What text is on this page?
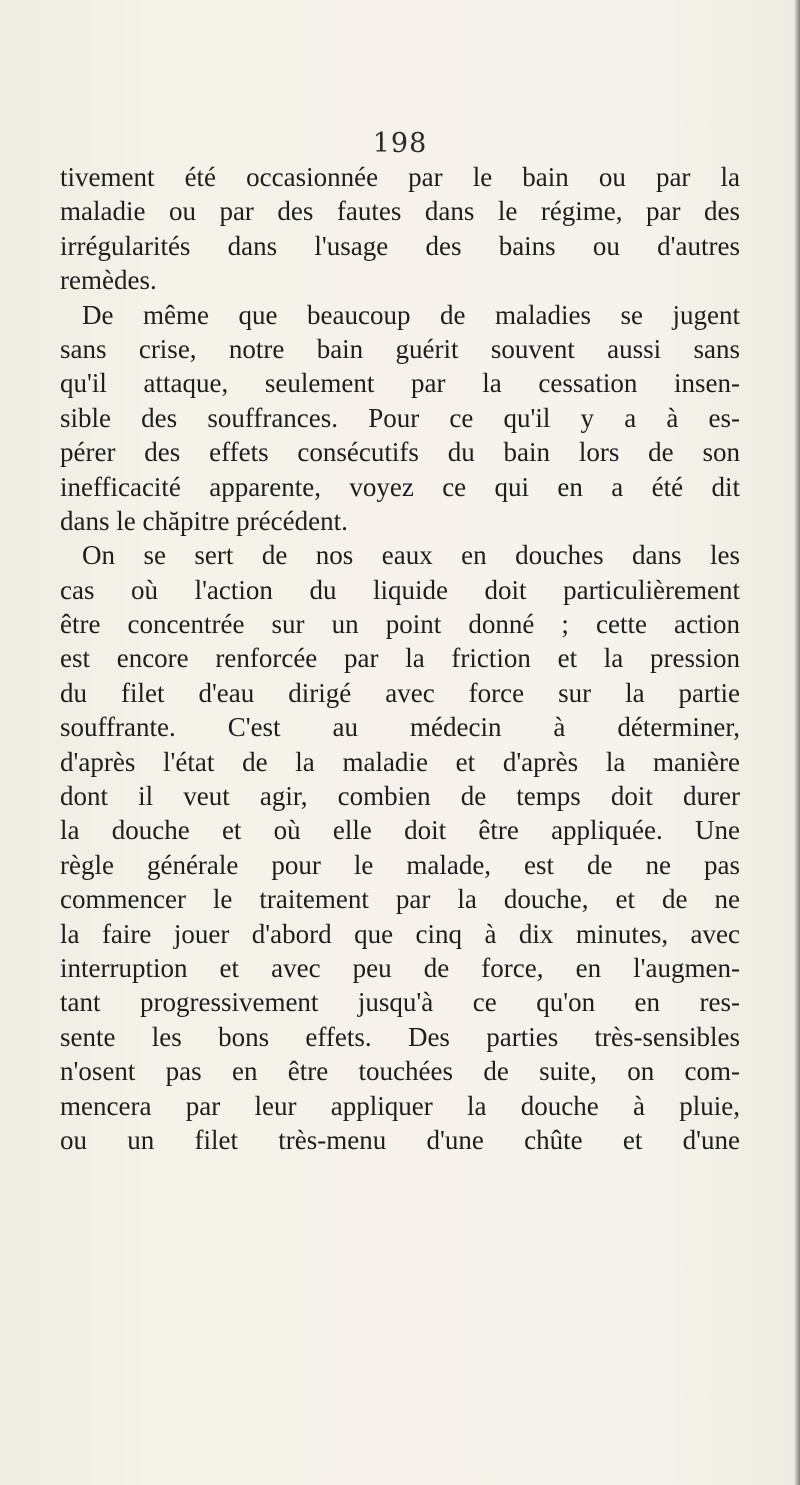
198
tivement été occasionnée par le bain ou par la
maladie ou par des fautes dans le régime, par des
irrégularités dans l'usage des bains ou d'autres
remèdes.
De même que beaucoup de maladies se jugent
sans crise, notre bain guérit souvent aussi sans
qu'il attaque, seulement par la cessation insen-
sible des souffrances. Pour ce qu'il y a à es-
pérer des effets consécutifs du bain lors de son
inefficacité apparente, voyez ce qui en a été dit
dans le chăpitre précédent.
On se sert de nos eaux en douches dans les
cas où l'action du liquide doit particulièrement
être concentrée sur un point donné ; cette action
est encore renforcée par la friction et la pression
du filet d'eau dirigé avec force sur la partie
souffrante. C'est au médecin à déterminer,
d'après l'état de la maladie et d'après la manière
dont il veut agir, combien de temps doit durer
la douche et où elle doit être appliquée. Une
règle générale pour le malade, est de ne pas
commencer le traitement par la douche, et de ne
la faire jouer d'abord que cinq à dix minutes, avec
interruption et avec peu de force, en l'augmen-
tant progressivement jusqu'à ce qu'on en res-
sente les bons effets. Des parties très-sensibles
n'osent pas en être touchées de suite, on com-
mencera par leur appliquer la douche à pluie,
ou un filet très-menu d'une chûte et d'une
